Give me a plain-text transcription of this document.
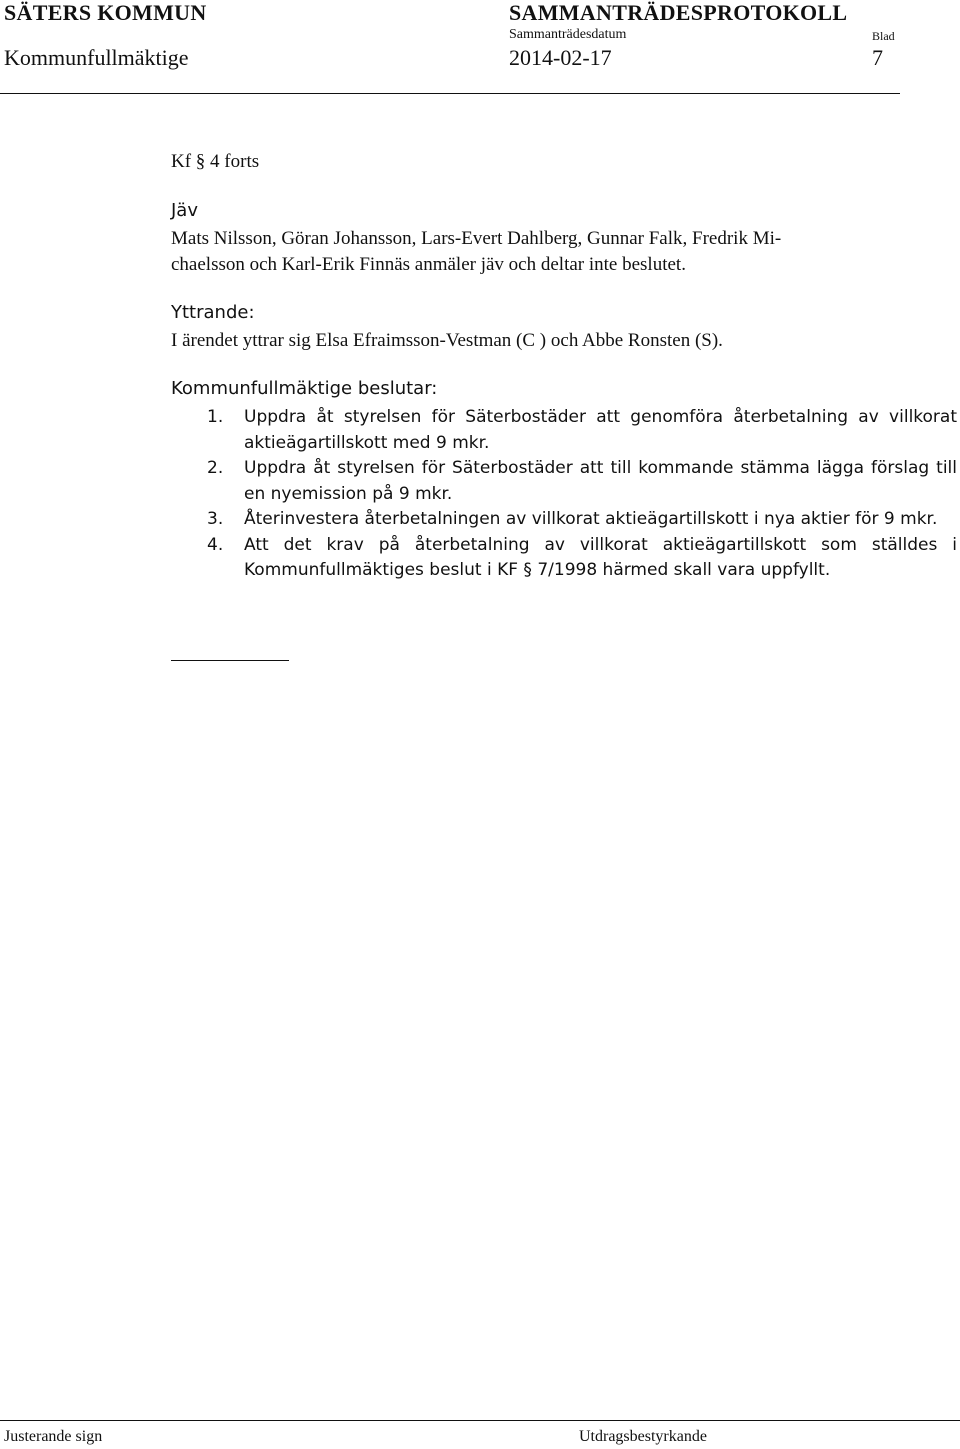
SÄTERS KOMMUN	SAMMANTRÄDESPROTOKOLL
Sammanträdesdatum	Blad
Kommunfullmäktige	2014-02-17	7
Kf § 4 forts
Jäv
Mats Nilsson, Göran Johansson, Lars-Evert Dahlberg, Gunnar Falk, Fredrik Mi-
chaelsson och Karl-Erik Finnäs anmäler jäv och deltar inte beslutet.
Yttrande:
I ärendet yttrar sig Elsa Efraimsson-Vestman (C ) och Abbe Ronsten (S).
Kommunfullmäktige beslutar:
1.	Uppdra åt styrelsen för Säterbostäder att genomföra återbetalning av villkorat aktieägartillskott med 9 mkr.
2.	Uppdra åt styrelsen för Säterbostäder att till kommande stämma lägga förslag till en nyemission på 9 mkr.
3.	Återinvestera återbetalningen av villkorat aktieägartillskott i nya aktier för 9 mkr.
4.	Att det krav på återbetalning av villkorat aktieägartillskott som ställdes i Kommunfullmäktiges beslut i KF § 7/1998 härmed skall vara uppfyllt.
Justerande sign	Utdragsbestyrkande
